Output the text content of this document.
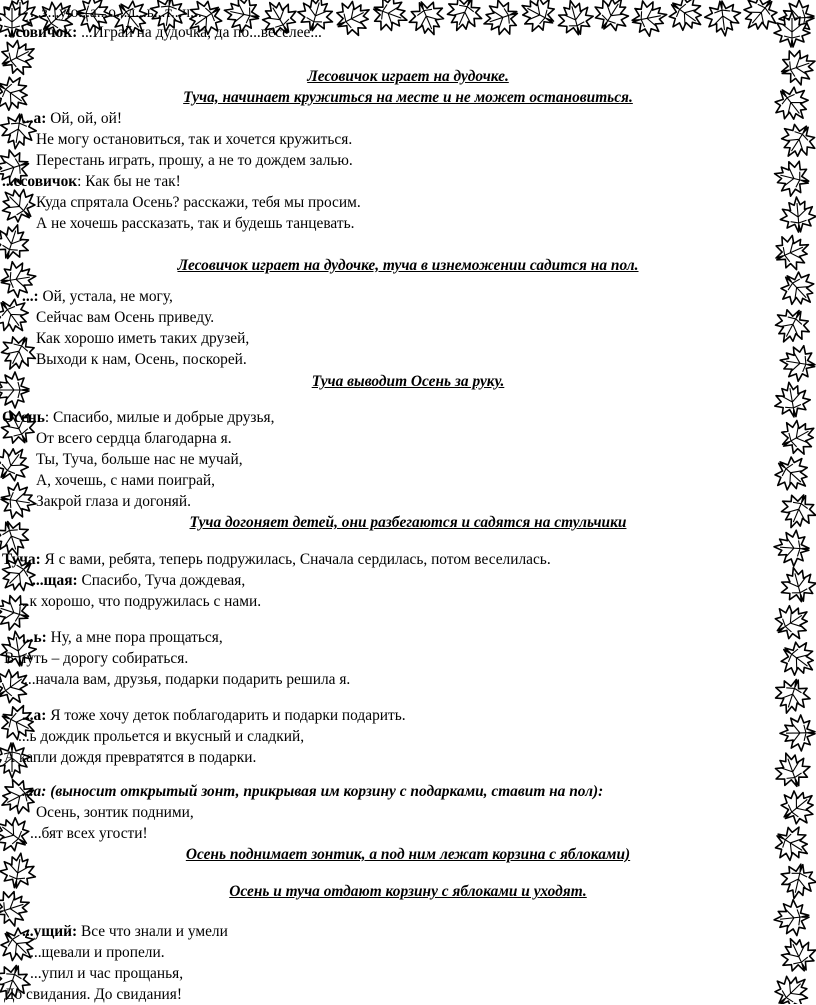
...з...ую...а...о...л...ь...т...ч...
...совичок: ...Играй на дудочка, да по...веселее...
Лесовичок играет на дудочке.
Туча, начинает кружиться на месте и не может остановиться.
...а: Ой, ой, ой!
Не могу остановиться, так и хочется кружиться.
Перестань играть, прошу, а не то дождем залью.
...есовичок: Как бы не так!
Куда спрятала Осень? расскажи, тебя мы просим.
А не хочешь рассказать, так и будешь танцевать.
Лесовичок играет на дудочке, туча в изнеможении садится на пол.
...: Ой, устала, не могу,
Сейчас вам Осень приведу.
Как хорошо иметь таких друзей,
Выходи к нам, Осень, поскорей.
Туча выводит Осень за руку.
Осень: Спасибо, милые и добрые друзья,
От всего сердца благодарна я.
Ты, Туча, больше нас не мучай,
А, хочешь, с нами поиграй,
Закрой глаза и догоняй.
Туча догоняет детей, они разбегаются и садятся на стульчики
Туча: Я с вами, ребята, теперь подружилась, Сначала сердилась, потом веселилась.
...щая: Спасибо, Туча дождевая,
...к хорошо, что подружилась с нами.
...ь: Ну, а мне пора прощаться,
В путь – дорогу собираться.
...начала вам, друзья, подарки подарить решила я.
...а: Я тоже хочу деток поблагодарить и подарки подарить.
...ь дождик прольется и вкусный и сладкий,
А капли дождя превратятся в подарки.
...а: (выносит открытый зонт, прикрывая им корзину с подарками, ставит на пол):
Осень, зонтик подними,
...бят всех угости!
Осень поднимает зонтик, а под ним лежат корзина с яблоками)
Осень и туча отдают корзину с яблоками и уходят.
...ущий: Все что знали и умели
...щевали и пропели.
...упил и час прощанья,
До свидания. До свидания!
